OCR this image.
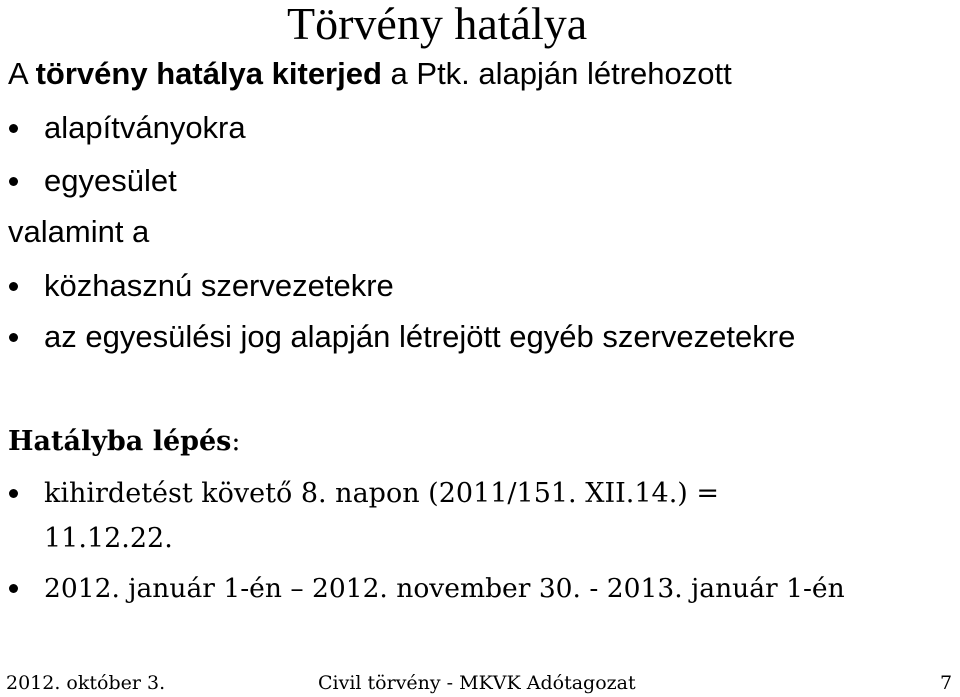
Törvény hatálya
A törvény hatálya kiterjed a Ptk. alapján létrehozott
alapítványokra
egyesület
valamint a
közhasznú szervezetekre
az egyesülési jog alapján létrejött egyéb szervezetekre
Hatályba lépés:
kihirdetést követő 8. napon (2011/151. XII.14.) =
11.12.22.
2012. január 1-én – 2012. november 30. - 2013. január 1-én
2012. október 3.	Civil törvény - MKVK Adótagozat	7
